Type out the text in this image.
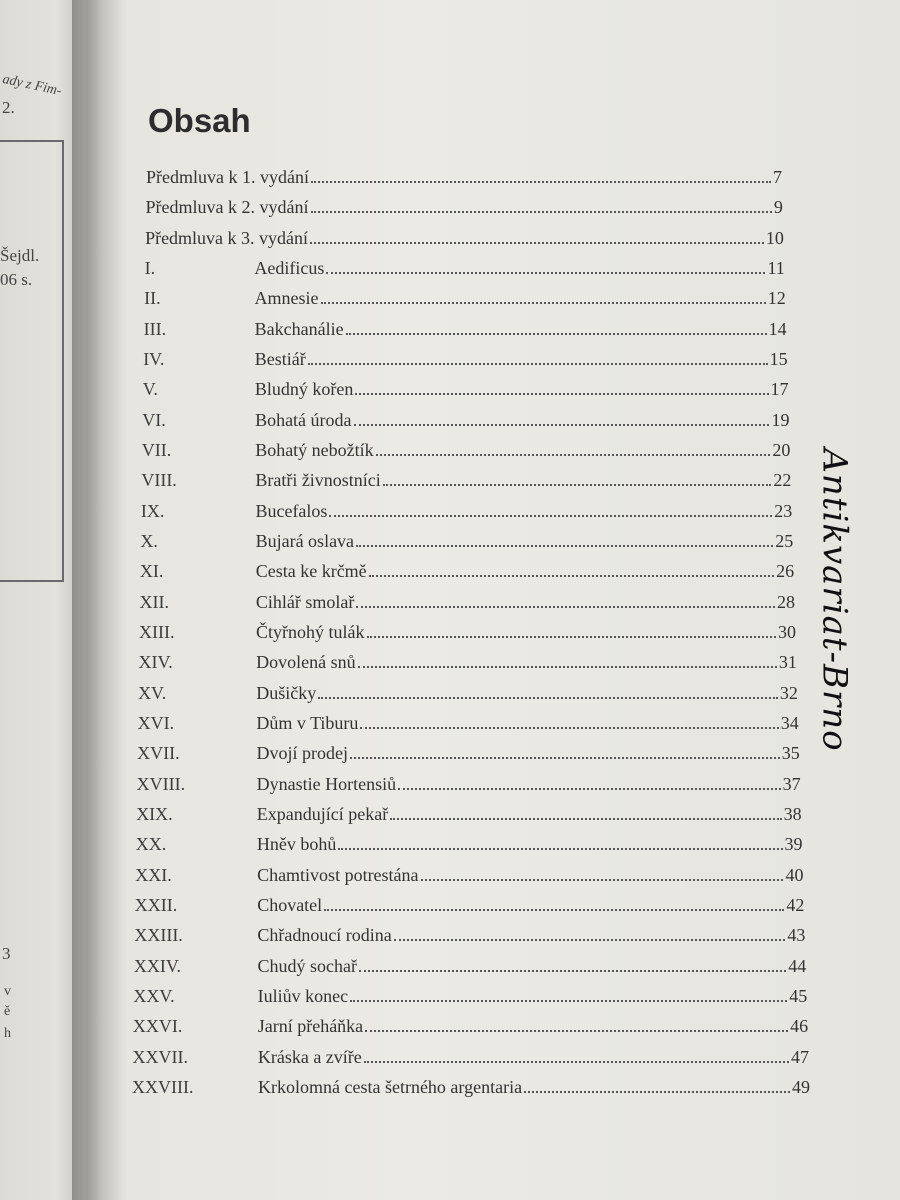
ady z Fim-
2.
Šejdl.
06 s.
3
v
ě
h
Obsah
Předmluva k 1. vydání	7
Předmluva k 2. vydání	9
Předmluva k 3. vydání	10
I.	Aedificus	11
II.	Amnesie	12
III.	Bakchanálie	14
IV.	Bestiář	15
V.	Bludný kořen	17
VI.	Bohatá úroda	19
VII.	Bohatý nebožtík	20
VIII.	Bratři živnostníci	22
IX.	Bucefalos	23
X.	Bujará oslava	25
XI.	Cesta ke krčmě	26
XII.	Cihlář smolař	28
XIII.	Čtyřnohý tulák	30
XIV.	Dovolená snů	31
XV.	Dušičky	32
XVI.	Dům v Tiburu	34
XVII.	Dvojí prodej	35
XVIII.	Dynastie Hortensiů	37
XIX.	Expandující pekař	38
XX.	Hněv bohů	39
XXI.	Chamtivost potrestána	40
XXII.	Chovatel	42
XXIII.	Chřadnoucí rodina	43
XXIV.	Chudý sochař	44
XXV.	Iuliův konec	45
XXVI.	Jarní přeháňka	46
XXVII.	Kráska a zvíře	47
XXVIII.	Krkolomná cesta šetrného argentaria	49
Antikvariat-Brno
